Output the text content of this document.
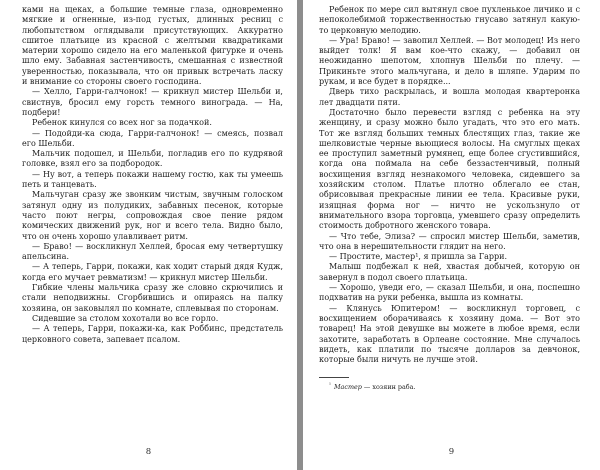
ками на щеках, а большие темные глаза, одновременно мягкие и огненные, из-под густых, длинных ресниц с любопытством оглядывали присутствующих. Аккуратно сшитое платьице из красной с желтыми квадратиками материи хорошо сидело на его маленькой фигурке и очень шло ему. Забавная застенчивость, смешанная с известной уверенностью, показывала, что он привык встречать ласку и внимание со стороны своего господина.

— Хелло, Гарри-галчонок! — крикнул мистер Шельби и, свистнув, бросил ему горсть темного винограда. — На, подбери!

Ребенок кинулся со всех ног за подачкой.

— Подойди-ка сюда, Гарри-галчонок! — смеясь, позвал его Шельби.

Мальчик подошел, и Шельби, погладив его по кудрявой головке, взял его за подбородок.

— Ну вот, а теперь покажи нашему гостю, как ты умеешь петь и танцевать.

Мальчуган сразу же звонким чистым, звучным голоском затянул одну из полудиких, забавных песенок, которые часто поют негры, сопровождая свое пение рядом комических движений рук, ног и всего тела. Видно было, что он очень хорошо улавливает ритм.

— Браво! — воскликнул Хеллей, бросая ему четвертушку апельсина.

— А теперь, Гарри, покажи, как ходит старый дядя Кудж, когда его мучает ревматизм! — крикнул мистер Шельби.

Гибкие члены мальчика сразу же словно скрючились и стали неподвижны. Сгорбившись и опираясь на палку хозяина, он заковылял по комнате, сплевывая по сторонам.

Сидевшие за столом хохотали во все горло.

— А теперь, Гарри, покажи-ка, как Роббинс, предстатель церковного совета, запевает псалом.

8

Ребенок по мере сил вытянул свое пухленькое личико и с непоколебимой торжественностью гнусаво затянул какую-то церковную мелодию.

— Ура! Браво! — завопил Хеллей. — Вот молодец! Из него выйдет толк! Я вам кое-что скажу, — добавил он неожиданно шепотом, хлопнув Шельби по плечу. — Прикиньте этого мальчугана, и дело в шляпе. Ударим по рукам, и все будет в порядке...

Дверь тихо раскрылась, и вошла молодая квартеронка лет двадцати пяти.

Достаточно было перевести взгляд с ребенка на эту женщину, и сразу можно было угадать, что это его мать. Тот же взгляд больших темных блестящих глаз, такие же шелковистые черные вьющиеся волосы. На смуглых щеках ее проступил заметный румянец, еще более сгустившийся, когда она поймала на себе беззастенчивый, полный восхищения взгляд незнакомого человека, сидевшего за хозяйским столом. Платье плотно облегало ее стан, обрисовывая прекрасные линии ее тела. Красивые руки, изящная форма ног — ничто не ускользнуло от внимательного взора торговца, умевшего сразу определить стоимость добротного женского товара.

— Что тебе, Элиза? — спросил мистер Шельби, заметив, что она в нерешительности глядит на него.

— Простите, мастер¹, я пришла за Гарри.

Малыш подбежал к ней, хвастая добычей, которую он завернул в подол своего платьица.

— Хорошо, уведи его, — сказал Шельби, и она, поспешно подхватив на руки ребенка, вышла из комнаты.

— Клянусь Юпитером! — воскликнул торговец, с восхищением оборачиваясь к хозяину дома. — Вот это товарец! На этой девушке вы можете в любое время, если захотите, заработать в Орлеане состояние. Мне случалось видеть, как платили по тысяче долларов за девчонок, которые были ничуть не лучше этой.

$^{^1}$ Мастер — хозяин раба.
9
